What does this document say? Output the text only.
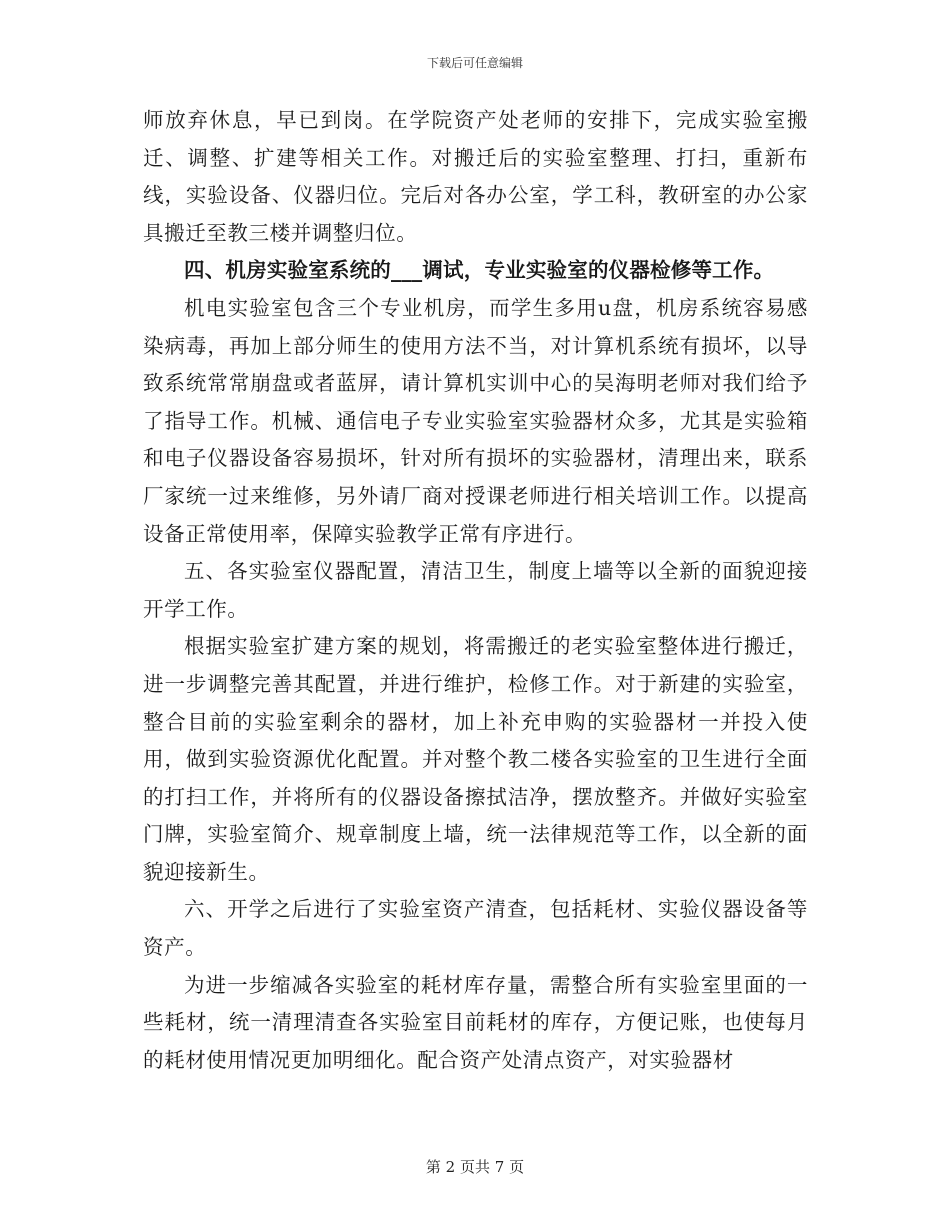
下载后可任意编辑

师放弃休息，早已到岗。在学院资产处老师的安排下，完成实验室搬迁、调整、扩建等相关工作。对搬迁后的实验室整理、打扫，重新布线，实验设备、仪器归位。完后对各办公室，学工科，教研室的办公家具搬迁至教三楼并调整归位。

四、机房实验室系统的___调试，专业实验室的仪器检修等工作。

机电实验室包含三个专业机房，而学生多用u盘，机房系统容易感染病毒，再加上部分师生的使用方法不当，对计算机系统有损坏，以导致系统常常崩盘或者蓝屏，请计算机实训中心的吴海明老师对我们给予了指导工作。机械、通信电子专业实验室实验器材众多，尤其是实验箱和电子仪器设备容易损坏，针对所有损坏的实验器材，清理出来，联系厂家统一过来维修，另外请厂商对授课老师进行相关培训工作。以提高设备正常使用率，保障实验教学正常有序进行。

五、各实验室仪器配置，清洁卫生，制度上墙等以全新的面貌迎接开学工作。

根据实验室扩建方案的规划，将需搬迁的老实验室整体进行搬迁，进一步调整完善其配置，并进行维护，检修工作。对于新建的实验室，整合目前的实验室剩余的器材，加上补充申购的实验器材一并投入使用，做到实验资源优化配置。并对整个教二楼各实验室的卫生进行全面的打扫工作，并将所有的仪器设备擦拭洁净，摆放整齐。并做好实验室门牌，实验室简介、规章制度上墙，统一法律规范等工作，以全新的面貌迎接新生。

六、开学之后进行了实验室资产清查，包括耗材、实验仪器设备等资产。

为进一步缩减各实验室的耗材库存量，需整合所有实验室里面的一些耗材，统一清理清查各实验室目前耗材的库存，方便记账，也使每月的耗材使用情况更加明细化。配合资产处清点资产，对实验器材

第 2 页共 7 页
